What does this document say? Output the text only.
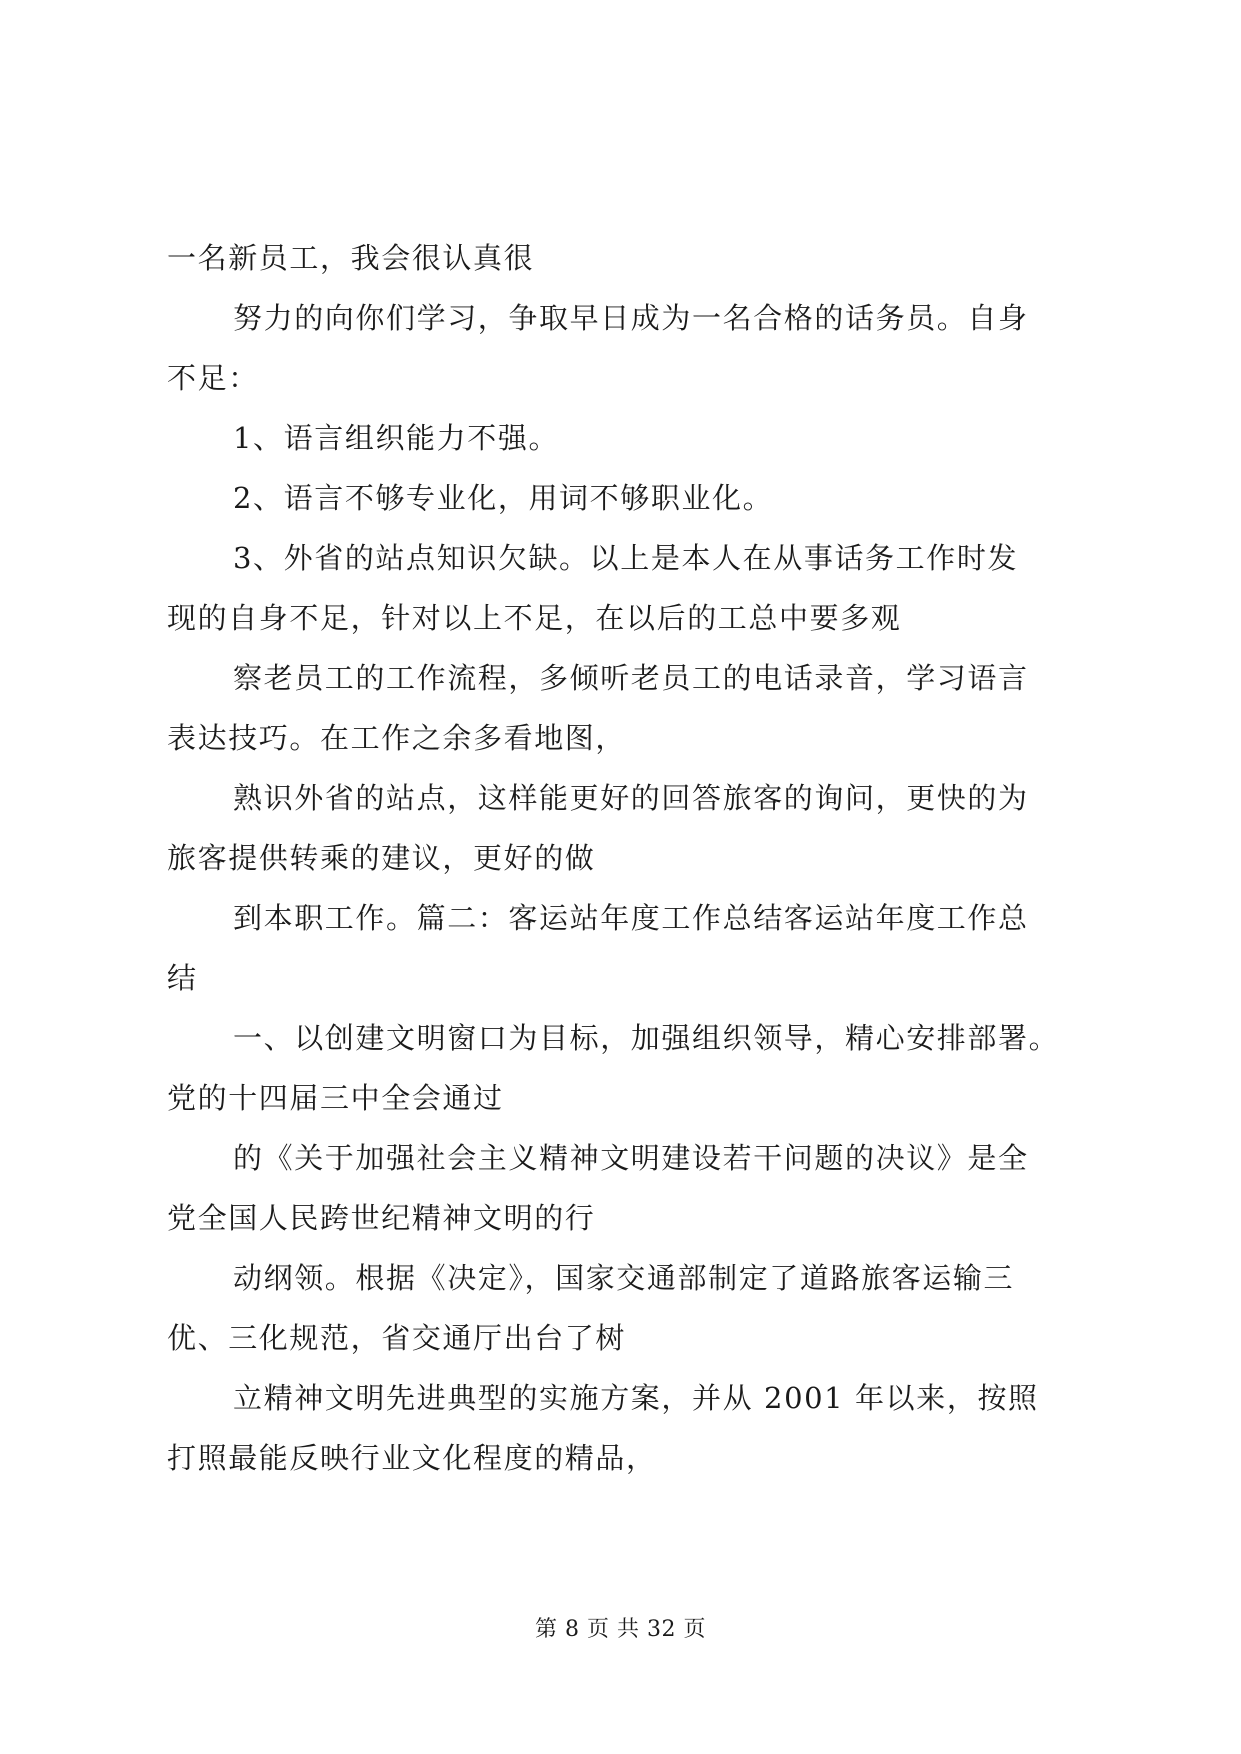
一名新员工，我会很认真很
努力的向你们学习，争取早日成为一名合格的话务员。自身
不足：
1、语言组织能力不强。
2、语言不够专业化，用词不够职业化。
3、外省的站点知识欠缺。以上是本人在从事话务工作时发
现的自身不足，针对以上不足，在以后的工总中要多观
察老员工的工作流程，多倾听老员工的电话录音，学习语言
表达技巧。在工作之余多看地图，
熟识外省的站点，这样能更好的回答旅客的询问，更快的为
旅客提供转乘的建议，更好的做
到本职工作。篇二：客运站年度工作总结客运站年度工作总
结
一、以创建文明窗口为目标，加强组织领导，精心安排部署。
党的十四届三中全会通过
的《关于加强社会主义精神文明建设若干问题的决议》是全
党全国人民跨世纪精神文明的行
动纲领。根据《决定》，国家交通部制定了道路旅客运输三
优、三化规范，省交通厅出台了树
立精神文明先进典型的实施方案，并从 2001 年以来，按照
打照最能反映行业文化程度的精品，
第 8 页 共 32 页
